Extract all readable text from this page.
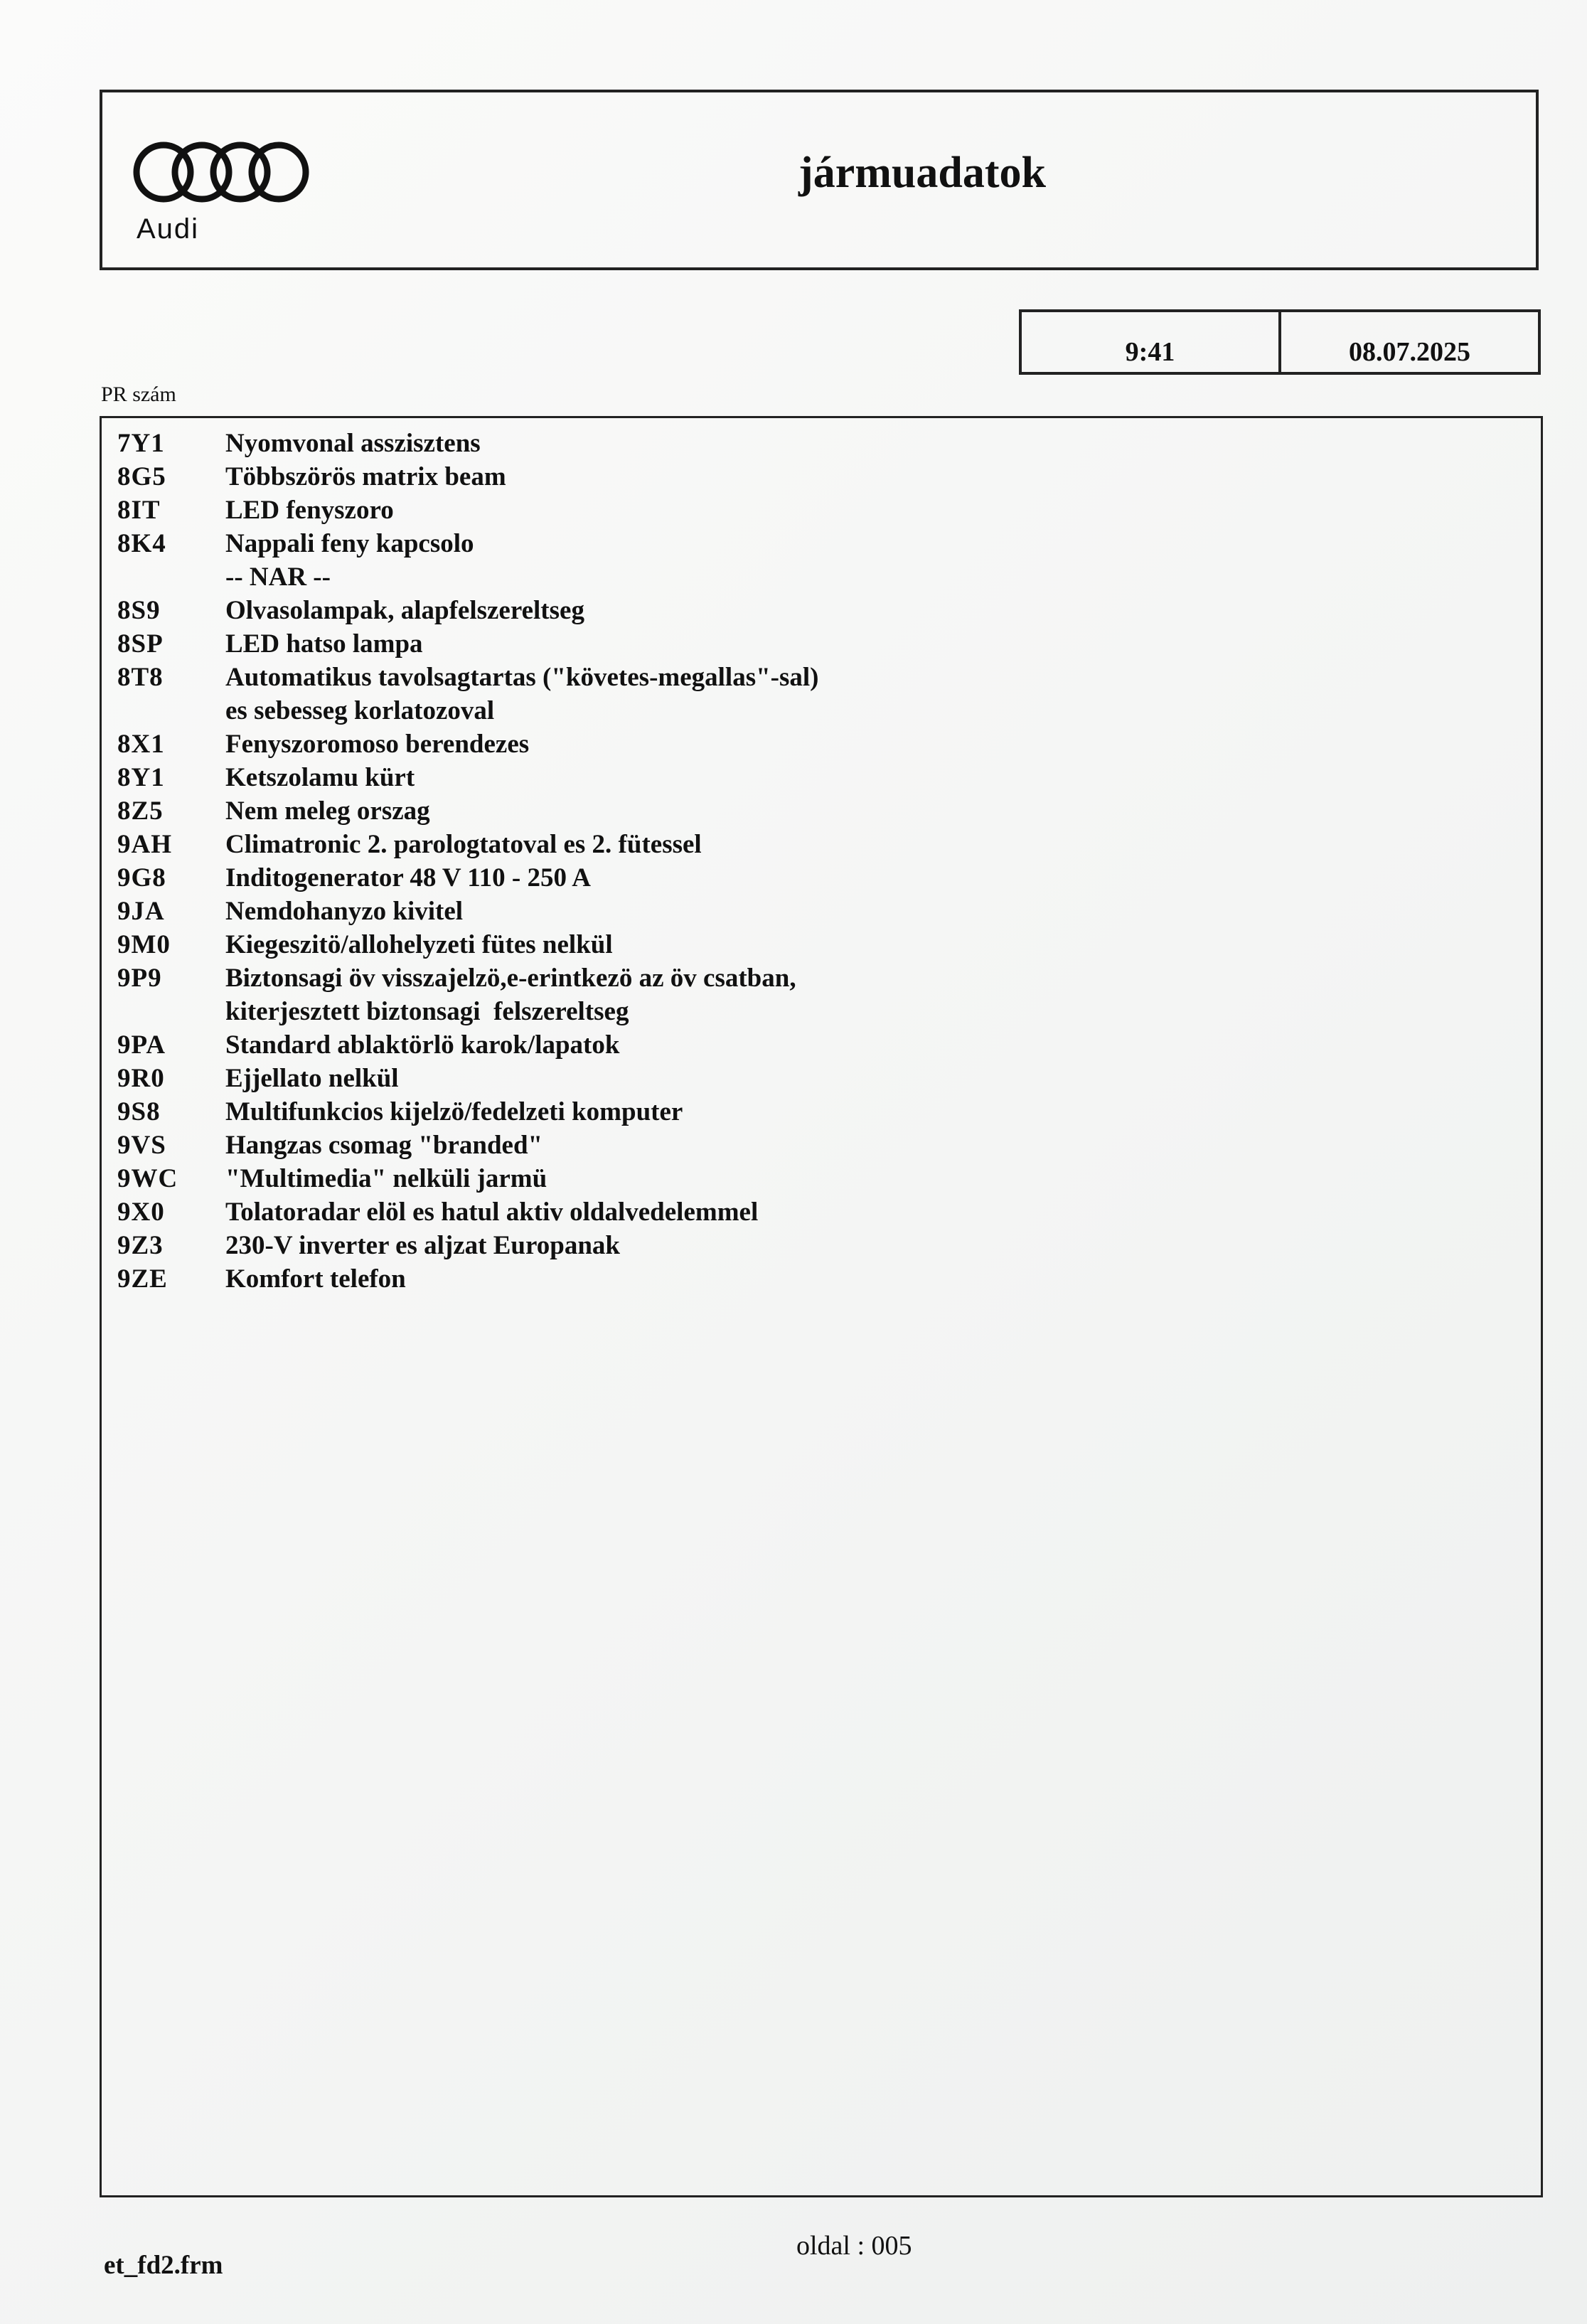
Audi
jármuadatok
9:41	08.07.2025
PR szám
7Y1	Nyomvonal asszisztens
8G5	Többszörös matrix beam
8IT	LED fenyszoro
8K4	Nappali feny kapcsolo
-- NAR --
8S9	Olvasolampak, alapfelszereltseg
8SP	LED hatso lampa
8T8	Automatikus tavolsagtartas ("követes-megallas"-sal)
es sebesseg korlatozoval
8X1	Fenyszoromoso berendezes
8Y1	Ketszolamu kürt
8Z5	Nem meleg orszag
9AH	Climatronic 2. parologtatoval es 2. fütessel
9G8	Inditogenerator 48 V 110 - 250 A
9JA	Nemdohanyzo kivitel
9M0	Kiegeszitö/allohelyzeti fütes nelkül
9P9	Biztonsagi öv visszajelzö,e-erintkezö az öv csatban,
kiterjesztett biztonsagi  felszereltseg
9PA	Standard ablaktörlö karok/lapatok
9R0	Ejjellato nelkül
9S8	Multifunkcios kijelzö/fedelzeti komputer
9VS	Hangzas csomag "branded"
9WC	"Multimedia" nelküli jarmü
9X0	Tolatoradar elöl es hatul aktiv oldalvedelemmel
9Z3	230-V inverter es aljzat Europanak
9ZE	Komfort telefon
et_fd2.frm
oldal : 005
